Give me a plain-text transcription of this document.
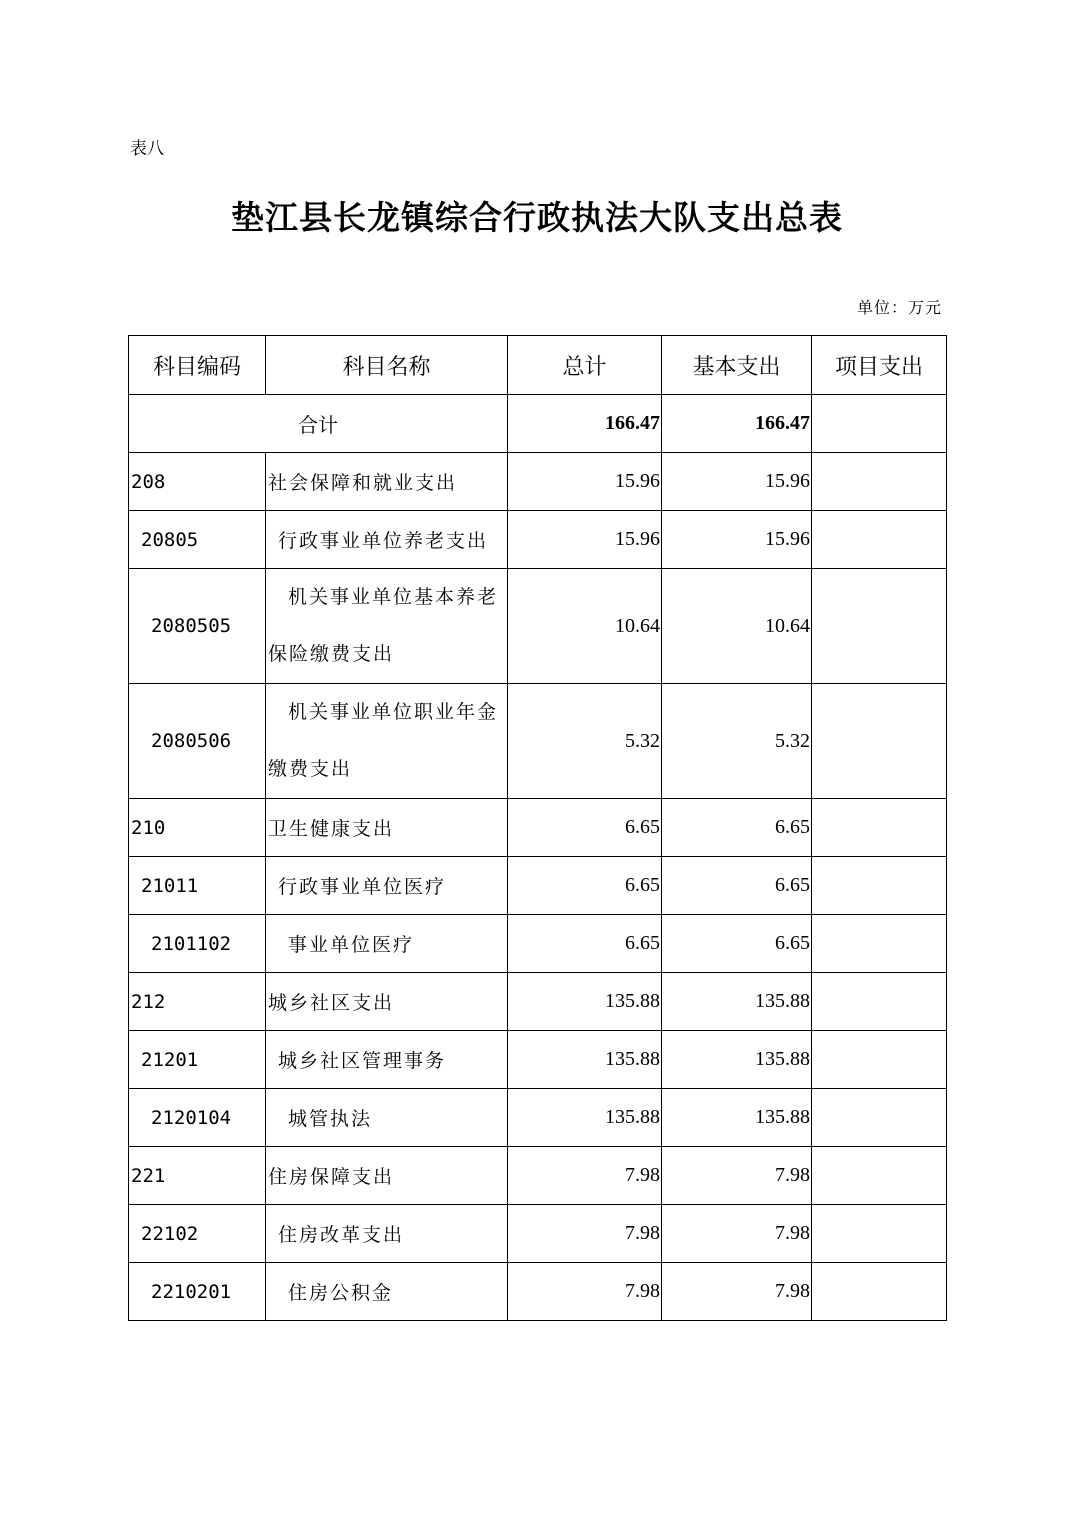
表八
垫江县长龙镇综合行政执法大队支出总表
单位：万元
科目编码	科目名称	总计	基本支出	项目支出
合计		166.47	166.47	
208	社会保障和就业支出	15.96	15.96	
20805	行政事业单位养老支出	15.96	15.96	
2080505	机关事业单位基本养老
保险缴费支出	10.64	10.64	
2080506	机关事业单位职业年金
缴费支出	5.32	5.32	
210	卫生健康支出	6.65	6.65	
21011	行政事业单位医疗	6.65	6.65	
2101102	事业单位医疗	6.65	6.65	
212	城乡社区支出	135.88	135.88	
21201	城乡社区管理事务	135.88	135.88	
2120104	城管执法	135.88	135.88	
221	住房保障支出	7.98	7.98	
22102	住房改革支出	7.98	7.98	
2210201	住房公积金	7.98	7.98	
